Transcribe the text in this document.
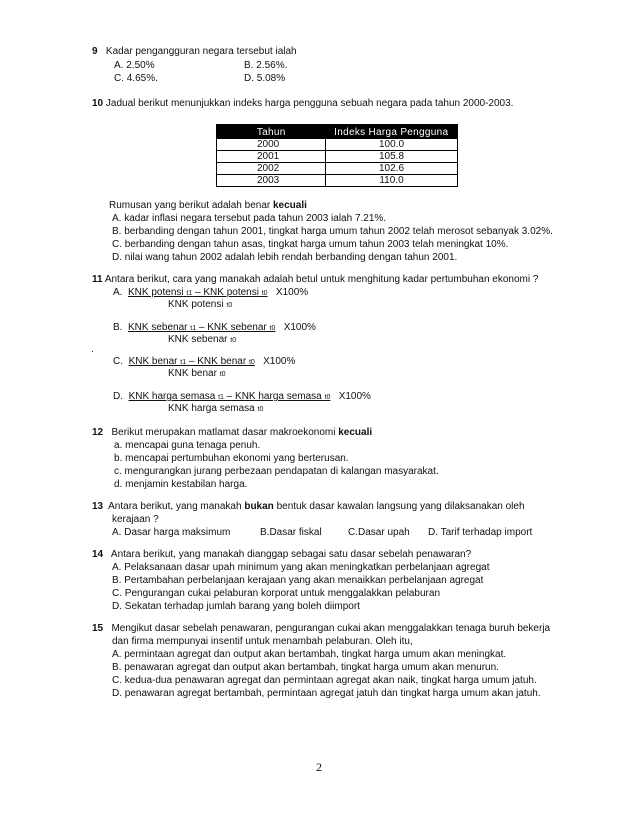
9 Kadar pengangguran negara tersebut ialah
A. 2.50%	B. 2.56%.
C. 4.65%.	D. 5.08%
10 Jadual berikut menunjukkan indeks harga pengguna sebuah negara pada tahun 2000-2003.
Tahun	Indeks Harga Pengguna
2000	100.0
2001	105.8
2002	102.6
2003	110.0
Rumusan yang berikut adalah benar kecuali
A. kadar inflasi negara tersebut pada tahun 2003 ialah 7.21%.
B. berbanding dengan tahun 2001, tingkat harga umum tahun 2002 telah merosot sebanyak 3.02%.
C. berbanding dengan tahun asas, tingkat harga umum tahun 2003 telah meningkat 10%.
D. nilai wang tahun 2002 adalah lebih rendah berbanding dengan tahun 2001.
11 Antara berikut, cara yang manakah adalah betul untuk menghitung kadar pertumbuhan ekonomi ?
A. KNK potensi t1 – KNK potensi t0 X100%
KNK potensi t0
B. KNK sebenar t1 – KNK sebenar t0 X100%
KNK sebenar t0
.
C. KNK benar t1 – KNK benar t0 X100%
KNK benar t0
D. KNK harga semasa t1 – KNK harga semasa t0 X100%
KNK harga semasa t0
12 Berikut merupakan matlamat dasar makroekonomi kecuali
a. mencapai guna tenaga penuh.
b. mencapai pertumbuhan ekonomi yang berterusan.
c. mengurangkan jurang perbezaan pendapatan di kalangan masyarakat.
d. menjamin kestabilan harga.
13 Antara berikut, yang manakah bukan bentuk dasar kawalan langsung yang dilaksanakan oleh
kerajaan ?
A. Dasar harga maksimum	B.Dasar fiskal	C.Dasar upah D. Tarif terhadap import
14 Antara berikut, yang manakah dianggap sebagai satu dasar sebelah penawaran?
A. Pelaksanaan dasar upah minimum yang akan meningkatkan perbelanjaan agregat
B. Pertambahan perbelanjaan kerajaan yang akan menaikkan perbelanjaan agregat
C. Pengurangan cukai pelaburan korporat untuk menggalakkan pelaburan
D. Sekatan terhadap jumlah barang yang boleh diimport
15 Mengikut dasar sebelah penawaran, pengurangan cukai akan menggalakkan tenaga buruh bekerja
dan firma mempunyai insentif untuk menambah pelaburan. Oleh itu,
A. permintaan agregat dan output akan bertambah, tingkat harga umum akan meningkat.
B. penawaran agregat dan output akan bertambah, tingkat harga umum akan menurun.
C. kedua-dua penawaran agregat dan permintaan agregat akan naik, tingkat harga umum jatuh.
D. penawaran agregat bertambah, permintaan agregat jatuh dan tingkat harga umum akan jatuh.
2
